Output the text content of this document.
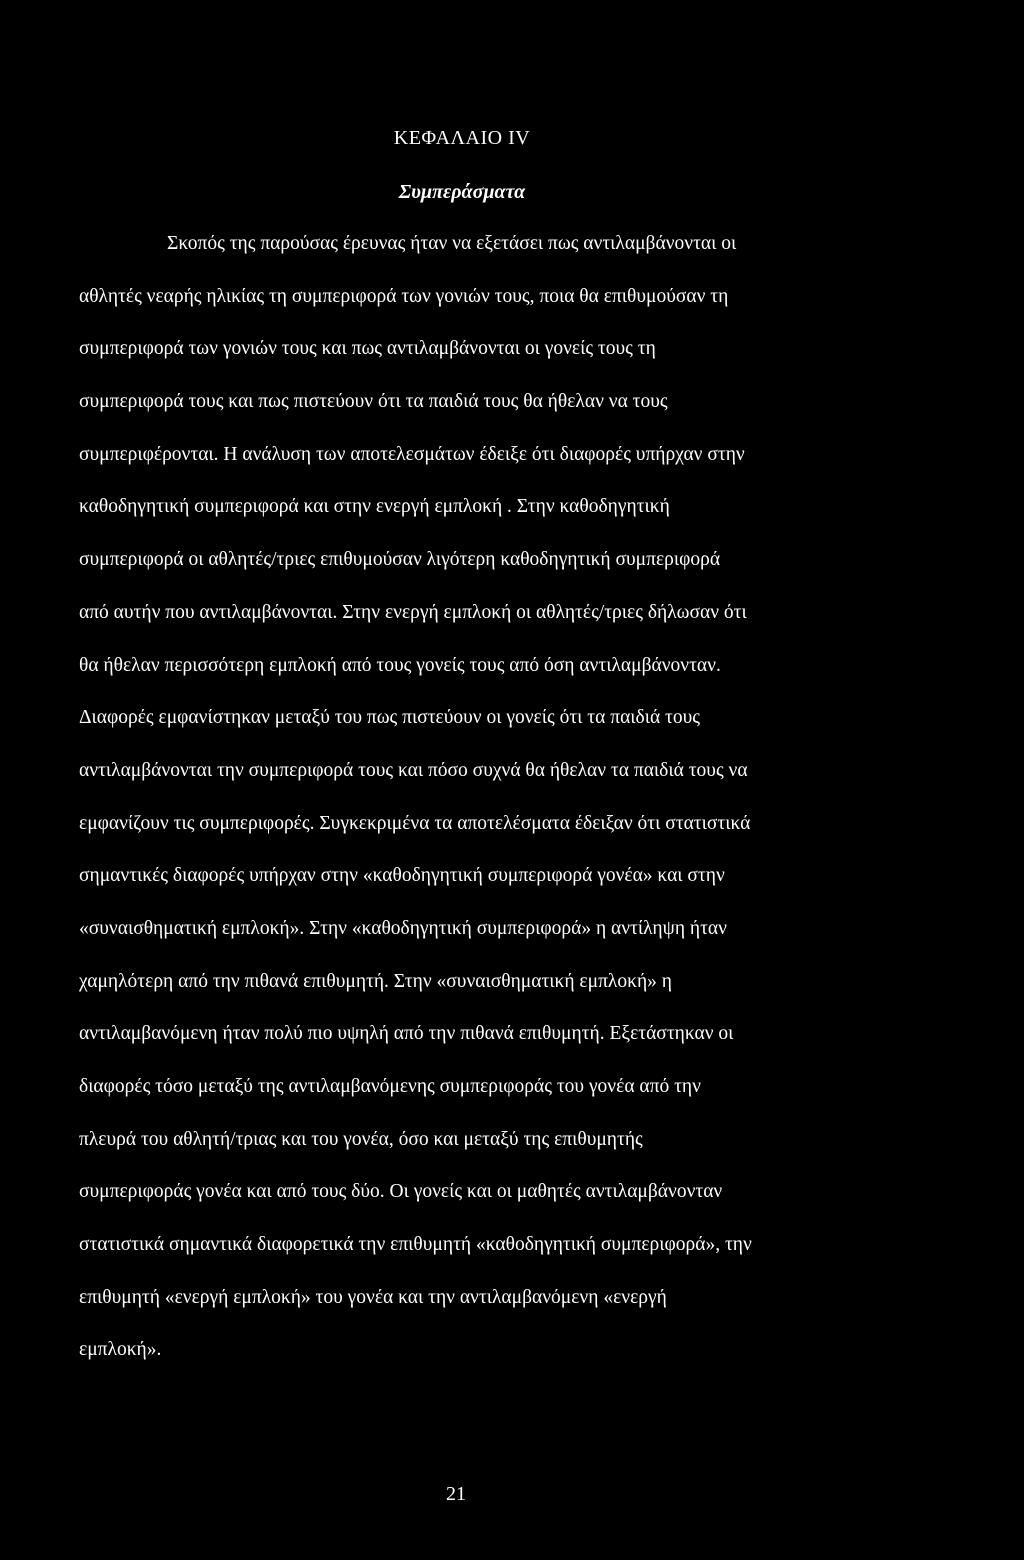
ΚΕΦΑΛΑΙΟ IV
Συμπεράσματα
Σκοπός της παρούσας έρευνας ήταν να εξετάσει πως αντιλαμβάνονται οι
αθλητές νεαρής ηλικίας τη συμπεριφορά των γονιών τους, ποια θα επιθυμούσαν τη
συμπεριφορά των γονιών τους και πως αντιλαμβάνονται οι γονείς τους τη
συμπεριφορά τους και πως πιστεύουν ότι τα παιδιά τους θα ήθελαν να τους
συμπεριφέρονται. Η ανάλυση των αποτελεσμάτων έδειξε ότι διαφορές υπήρχαν στην
καθοδηγητική συμπεριφορά και στην ενεργή εμπλοκή . Στην καθοδηγητική
συμπεριφορά οι αθλητές/τριες επιθυμούσαν λιγότερη καθοδηγητική συμπεριφορά
από αυτήν που αντιλαμβάνονται. Στην ενεργή εμπλοκή οι αθλητές/τριες δήλωσαν ότι
θα ήθελαν περισσότερη εμπλοκή από τους γονείς τους από όση αντιλαμβάνονταν.
Διαφορές εμφανίστηκαν μεταξύ του πως πιστεύουν οι γονείς ότι τα παιδιά τους
αντιλαμβάνονται την συμπεριφορά τους και πόσο συχνά θα ήθελαν τα παιδιά τους να
εμφανίζουν τις συμπεριφορές. Συγκεκριμένα τα αποτελέσματα έδειξαν ότι στατιστικά
σημαντικές διαφορές υπήρχαν στην «καθοδηγητική συμπεριφορά γονέα» και στην
«συναισθηματική εμπλοκή». Στην «καθοδηγητική συμπεριφορά» η αντίληψη ήταν
χαμηλότερη από την πιθανά επιθυμητή. Στην «συναισθηματική εμπλοκή» η
αντιλαμβανόμενη ήταν πολύ πιο υψηλή από την πιθανά επιθυμητή. Εξετάστηκαν οι
διαφορές τόσο μεταξύ της αντιλαμβανόμενης συμπεριφοράς του γονέα από την
πλευρά του αθλητή/τριας και του γονέα, όσο και μεταξύ της επιθυμητής
συμπεριφοράς γονέα και από τους δύο. Οι γονείς και οι μαθητές αντιλαμβάνονταν
στατιστικά σημαντικά διαφορετικά την επιθυμητή «καθοδηγητική συμπεριφορά», την
επιθυμητή «ενεργή εμπλοκή» του γονέα και την αντιλαμβανόμενη «ενεργή
εμπλοκή».
21
